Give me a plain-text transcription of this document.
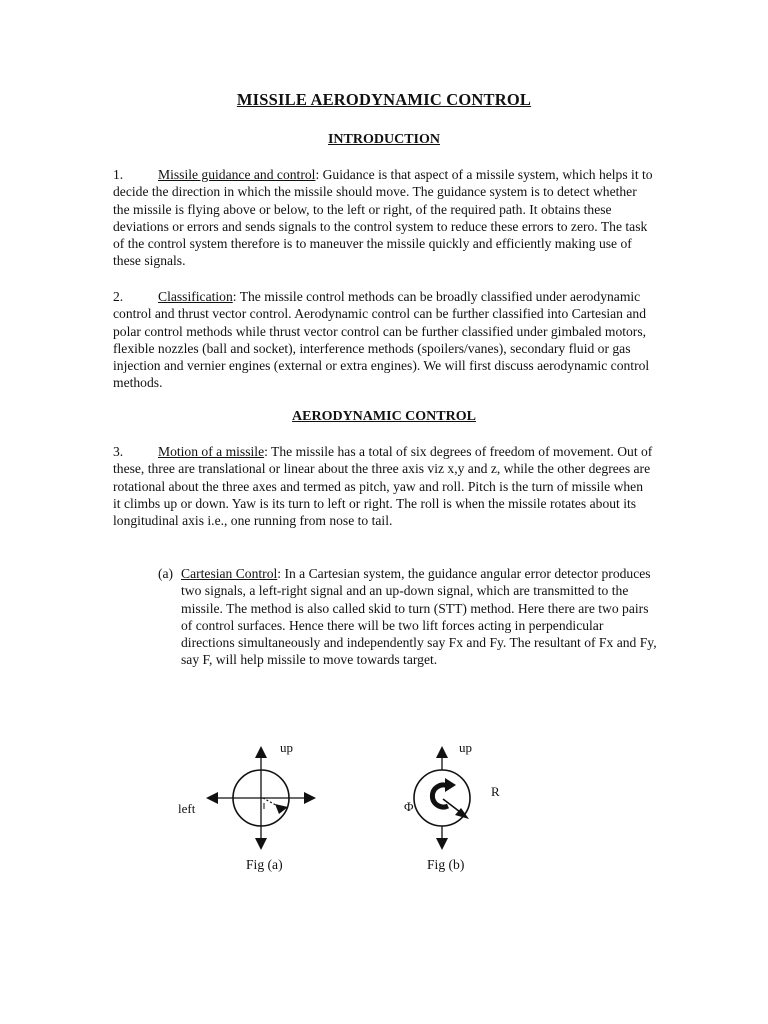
MISSILE AERODYNAMIC CONTROL
INTRODUCTION
1.	Missile guidance and control: Guidance is that aspect of a missile system, which helps it to decide the direction in which the missile should move. The guidance system is to detect whether the missile is flying above or below, to the left or right, of the required path. It obtains these deviations or errors and sends signals to the control system to reduce these errors to zero. The task of the control system therefore is to maneuver the missile quickly and efficiently making use of these signals.
2.	Classification: The missile control methods can be broadly classified under aerodynamic control and thrust vector control. Aerodynamic control can be further classified into Cartesian and polar control methods while thrust vector control can be further classified under gimbaled motors, flexible nozzles (ball and socket), interference methods (spoilers/vanes), secondary fluid or gas injection and vernier engines (external or extra engines). We will first discuss aerodynamic control methods.
AERODYNAMIC CONTROL
3.	Motion of a missile: The missile has a total of six degrees of freedom of movement. Out of these, three are translational or linear about the three axis viz x,y and z, while the other degrees are rotational about the three axes and termed as pitch, yaw and roll. Pitch is the turn of missile when it climbs up or down. Yaw is its turn to left or right. The roll is when the missile rotates about its longitudinal axis i.e., one running from nose to tail.
(a) Cartesian Control: In a Cartesian system, the guidance angular error detector produces two signals, a left-right signal and an up-down signal, which are transmitted to the missile. The method is also called skid to turn (STT) method. Here there are two pairs of control surfaces. Hence there will be two lift forces acting in perpendicular directions simultaneously and independently say Fx and Fy. The resultant of Fx and Fy, say F, will help missile to move towards target.
up
left
Fig (a)
up
R
Φ
Fig (b)
